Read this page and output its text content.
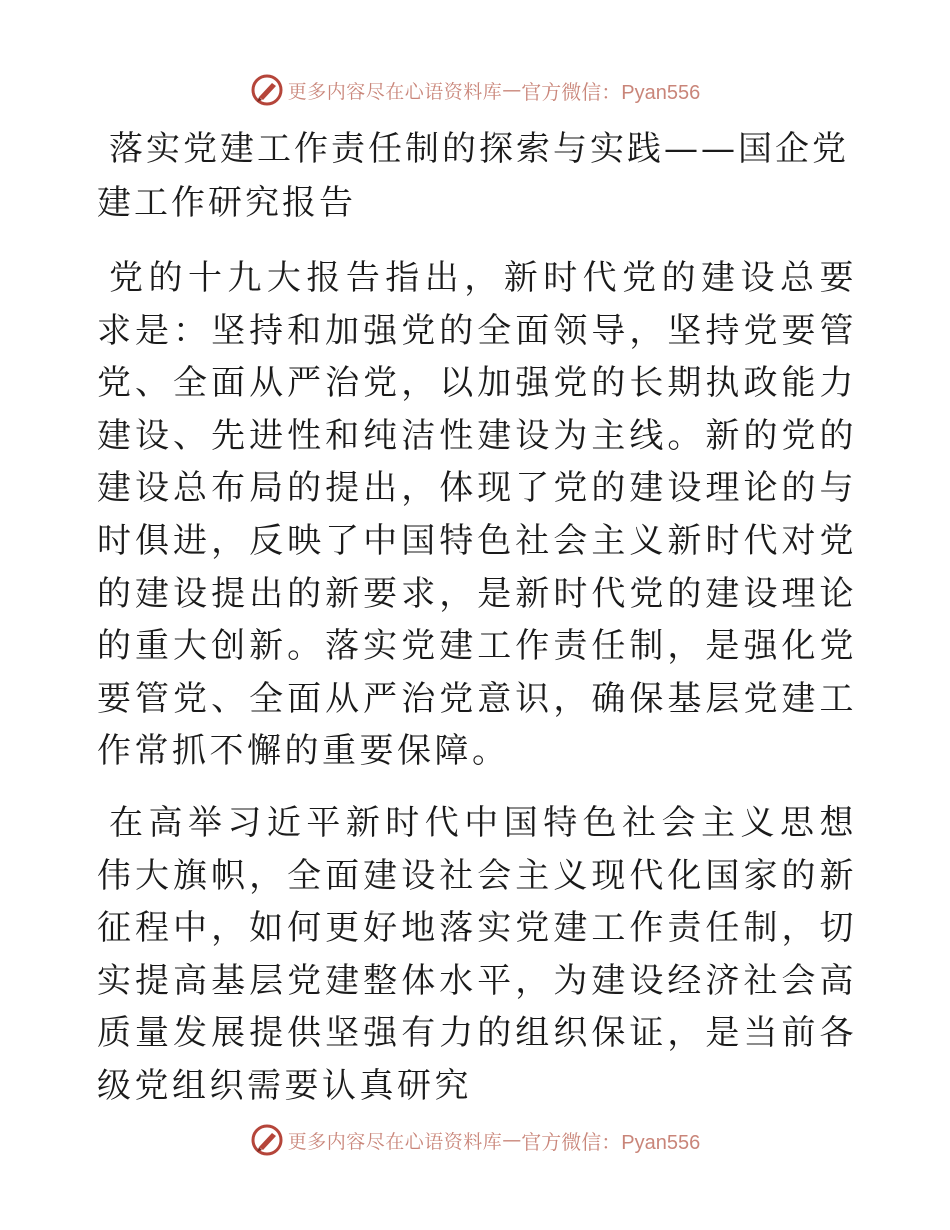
更多内容尽在心语资料库 — 官方微信：Pyan556
落实党建工作责任制的探索与实践——国企党建工作研究报告

党的十九大报告指出，新时代党的建设总要求是：坚持和加强党的全面领导，坚持党要管党、全面从严治党，以加强党的长期执政能力建设、先进性和纯洁性建设为主线。新的党的建设总布局的提出，体现了党的建设理论的与时俱进，反映了中国特色社会主义新时代对党的建设提出的新要求，是新时代党的建设理论的重大创新。落实党建工作责任制，是强化党要管党、全面从严治党意识，确保基层党建工作常抓不懈的重要保障。

在高举习近平新时代中国特色社会主义思想伟大旗帜，全面建设社会主义现代化国家的新征程中，如何更好地落实党建工作责任制，切实提高基层党建整体水平，为建设经济社会高质量发展提供坚强有力的组织保证，是当前各级党组织需要认真研究

更多内容尽在心语资料库 — 官方微信：Pyan556
